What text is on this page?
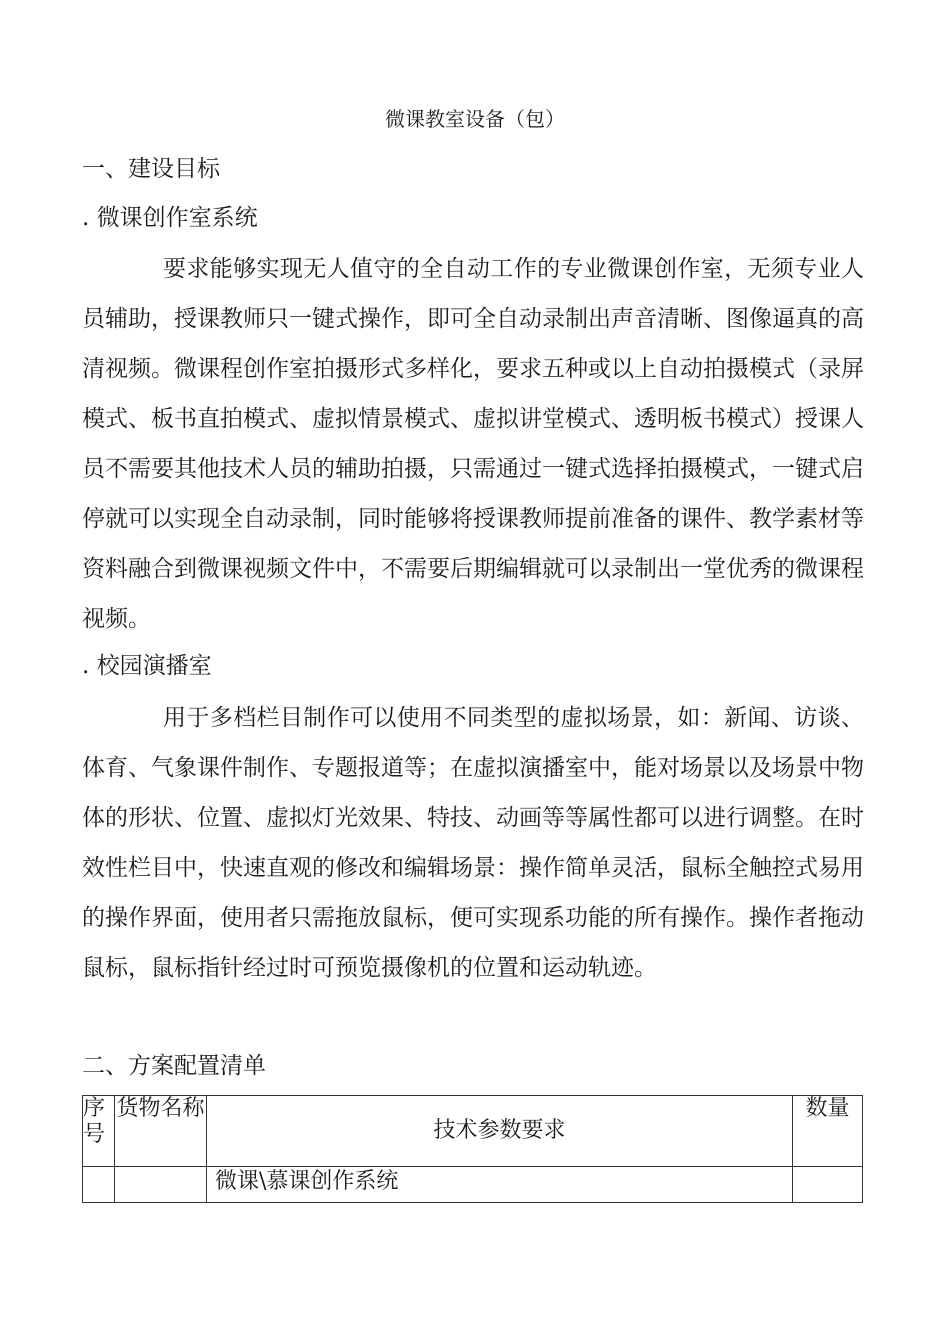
微课教室设备（包）
一、建设目标
. 微课创作室系统
要求能够实现无人值守的全自动工作的专业微课创作室，无须专业人员辅助，授课教师只一键式操作，即可全自动录制出声音清晰、图像逼真的高清视频。微课程创作室拍摄形式多样化，要求五种或以上自动拍摄模式（录屏模式、板书直拍模式、虚拟情景模式、虚拟讲堂模式、透明板书模式）授课人员不需要其他技术人员的辅助拍摄，只需通过一键式选择拍摄模式，一键式启停就可以实现全自动录制，同时能够将授课教师提前准备的课件、教学素材等资料融合到微课视频文件中，不需要后期编辑就可以录制出一堂优秀的微课程视频。
. 校园演播室
用于多档栏目制作可以使用不同类型的虚拟场景，如：新闻、访谈、体育、气象课件制作、专题报道等；在虚拟演播室中，能对场景以及场景中物体的形状、位置、虚拟灯光效果、特技、动画等等属性都可以进行调整。在时效性栏目中，快速直观的修改和编辑场景：操作简单灵活，鼠标全触控式易用的操作界面，使用者只需拖放鼠标，便可实现系功能的所有操作。操作者拖动鼠标，鼠标指针经过时可预览摄像机的位置和运动轨迹。
二、方案配置清单
序号	货物名称	技术参数要求	数量
		微课\慕课创作系统	
